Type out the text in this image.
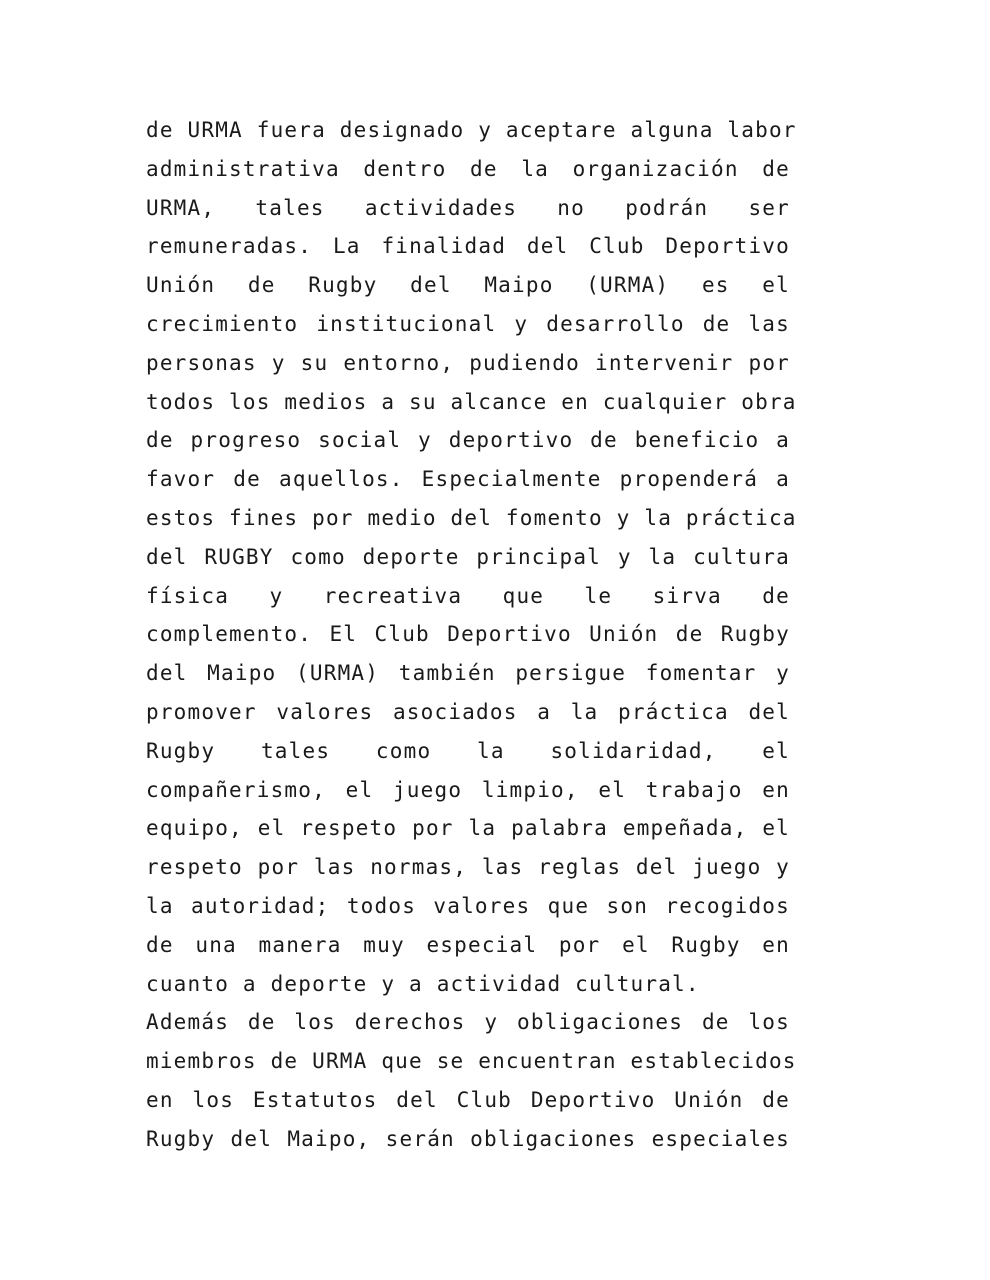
de URMA fuera designado y aceptare alguna labor
administrativa dentro de la organización de
URMA, tales actividades no podrán ser
remuneradas. La finalidad del Club Deportivo
Unión de Rugby del Maipo (URMA) es el
crecimiento institucional y desarrollo de las
personas y su entorno, pudiendo intervenir por
todos los medios a su alcance en cualquier obra
de progreso social y deportivo de beneficio a
favor de aquellos. Especialmente propenderá a
estos fines por medio del fomento y la práctica
del RUGBY como deporte principal y la cultura
física y recreativa que le sirva de
complemento. El Club Deportivo Unión de Rugby
del Maipo (URMA) también persigue fomentar y
promover valores asociados a la práctica del
Rugby tales como la solidaridad, el
compañerismo, el juego limpio, el trabajo en
equipo, el respeto por la palabra empeñada, el
respeto por las normas, las reglas del juego y
la autoridad; todos valores que son recogidos
de una manera muy especial por el Rugby en
cuanto a deporte y a actividad cultural.
Además de los derechos y obligaciones de los
miembros de URMA que se encuentran establecidos
en los Estatutos del Club Deportivo Unión de
Rugby del Maipo, serán obligaciones especiales
